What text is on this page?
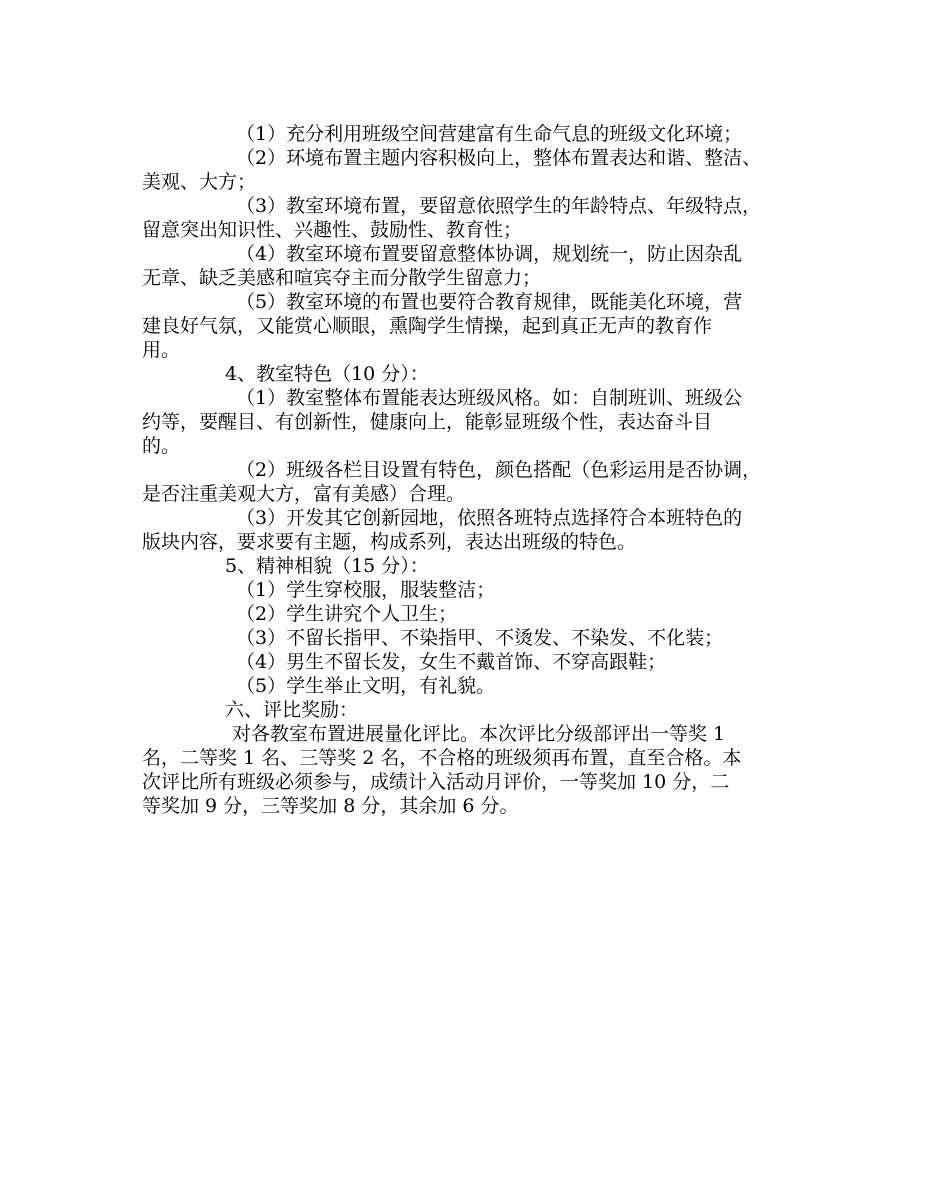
（1）充分利用班级空间营建富有生命气息的班级文化环境；

（2）环境布置主题内容积极向上，整体布置表达和谐、整洁、

美观、大方；

（3）教室环境布置，要留意依照学生的年龄特点、年级特点，

留意突出知识性、兴趣性、鼓励性、教育性；

（4）教室环境布置要留意整体协调，规划统一，防止因杂乱

无章、缺乏美感和喧宾夺主而分散学生留意力；

（5）教室环境的布置也要符合教育规律，既能美化环境，营

建良好气氛，又能赏心顺眼，熏陶学生情操，起到真正无声的教育作

用。

4、教室特色（10 分）：

（1）教室整体布置能表达班级风格。如：自制班训、班级公

约等，要醒目、有创新性，健康向上，能彰显班级个性，表达奋斗目

的。

（2）班级各栏目设置有特色，颜色搭配（色彩运用是否协调，

是否注重美观大方，富有美感）合理。

（3）开发其它创新园地，依照各班特点选择符合本班特色的

版块内容，要求要有主题，构成系列，表达出班级的特色。

5、精神相貌（15 分）：

（1）学生穿校服，服装整洁；

（2）学生讲究个人卫生；

（3）不留长指甲、不染指甲、不烫发、不染发、不化装；

（4）男生不留长发，女生不戴首饰、不穿高跟鞋；

（5）学生举止文明，有礼貌。

六、评比奖励：

对各教室布置进展量化评比。本次评比分级部评出一等奖 1

名，二等奖 1 名、三等奖 2 名，不合格的班级须再布置，直至合格。本

次评比所有班级必须参与，成绩计入活动月评价，一等奖加 10 分，二

等奖加 9 分，三等奖加 8 分，其余加 6 分。
